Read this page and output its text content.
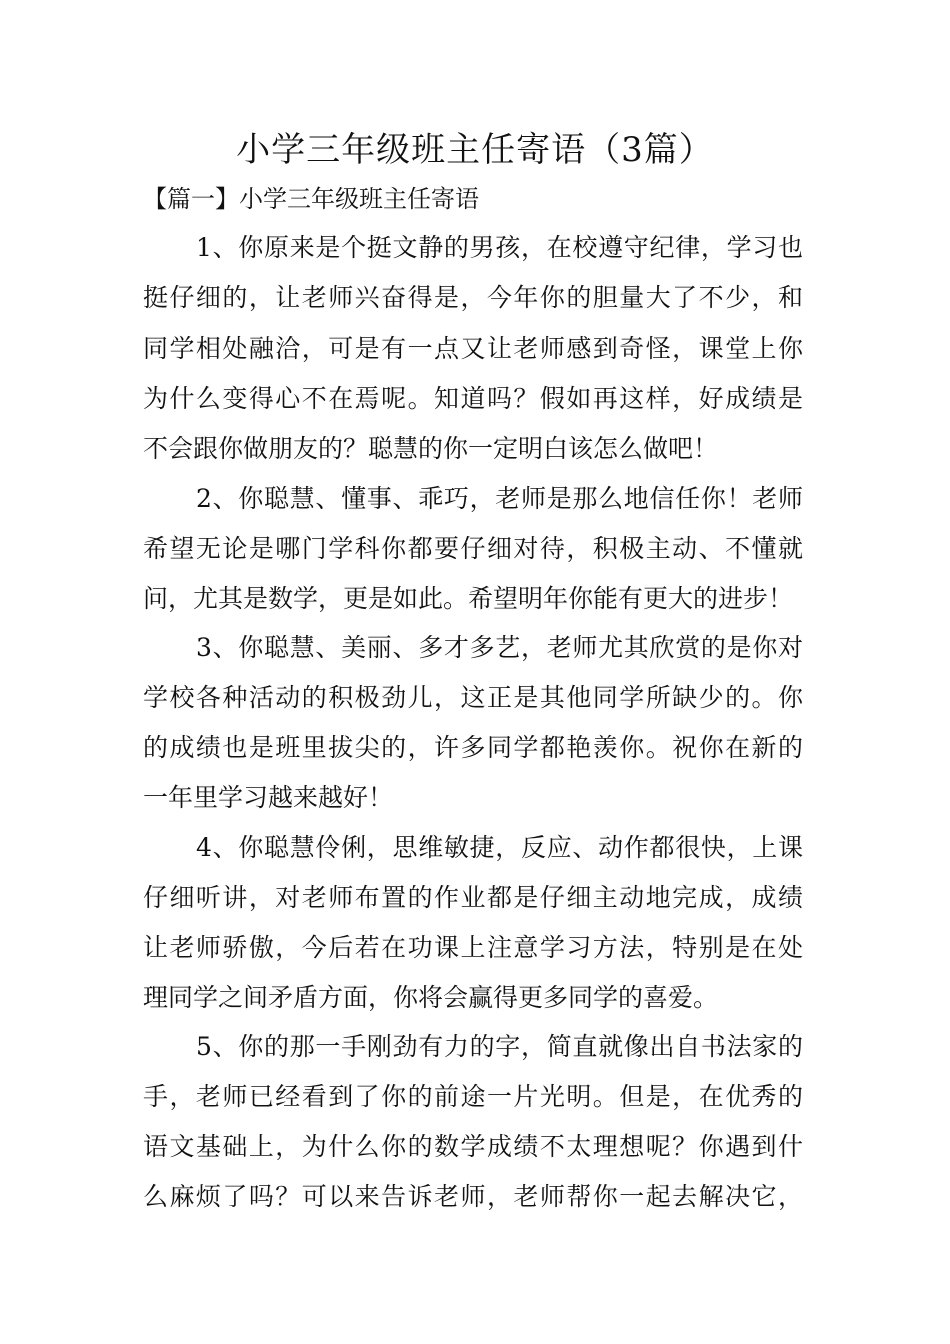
小学三年级班主任寄语（3篇）
【篇一】小学三年级班主任寄语
1、你原来是个挺文静的男孩，在校遵守纪律，学习也
挺仔细的，让老师兴奋得是，今年你的胆量大了不少，和
同学相处融洽，可是有一点又让老师感到奇怪，课堂上你
为什么变得心不在焉呢。知道吗？假如再这样，好成绩是
不会跟你做朋友的？聪慧的你一定明白该怎么做吧！
2、你聪慧、懂事、乖巧，老师是那么地信任你！老师
希望无论是哪门学科你都要仔细对待，积极主动、不懂就
问，尤其是数学，更是如此。希望明年你能有更大的进步！
3、你聪慧、美丽、多才多艺，老师尤其欣赏的是你对
学校各种活动的积极劲儿，这正是其他同学所缺少的。你
的成绩也是班里拔尖的，许多同学都艳羡你。祝你在新的
一年里学习越来越好！
4、你聪慧伶俐，思维敏捷，反应、动作都很快，上课
仔细听讲，对老师布置的作业都是仔细主动地完成，成绩
让老师骄傲，今后若在功课上注意学习方法，特别是在处
理同学之间矛盾方面，你将会赢得更多同学的喜爱。
5、你的那一手刚劲有力的字，简直就像出自书法家的
手，老师已经看到了你的前途一片光明。但是，在优秀的
语文基础上，为什么你的数学成绩不太理想呢？你遇到什
么麻烦了吗？可以来告诉老师，老师帮你一起去解决它，
